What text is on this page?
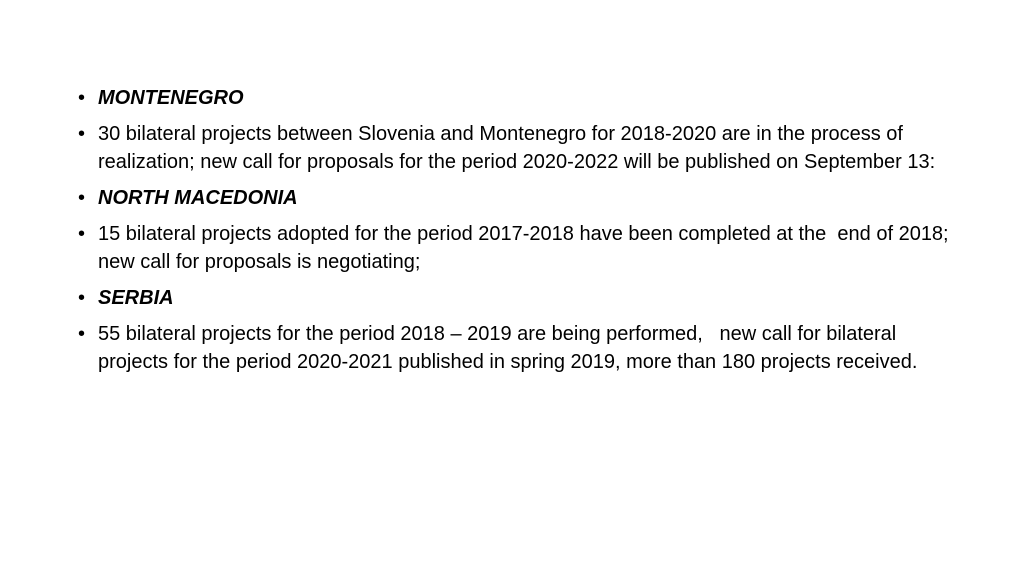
• MONTENEGRO
• 30 bilateral projects between Slovenia and Montenegro for 2018-2020 are in the process of realization; new call for proposals for the period 2020-2022 will be published on September 13:
• NORTH MACEDONIA
• 15 bilateral projects adopted for the period 2017-2018 have been completed at the  end of 2018;  new call for proposals is negotiating;
• SERBIA
• 55 bilateral projects for the period 2018 – 2019 are being performed,   new call for bilateral projects for the period 2020-2021 published in spring 2019, more than 180 projects received.
